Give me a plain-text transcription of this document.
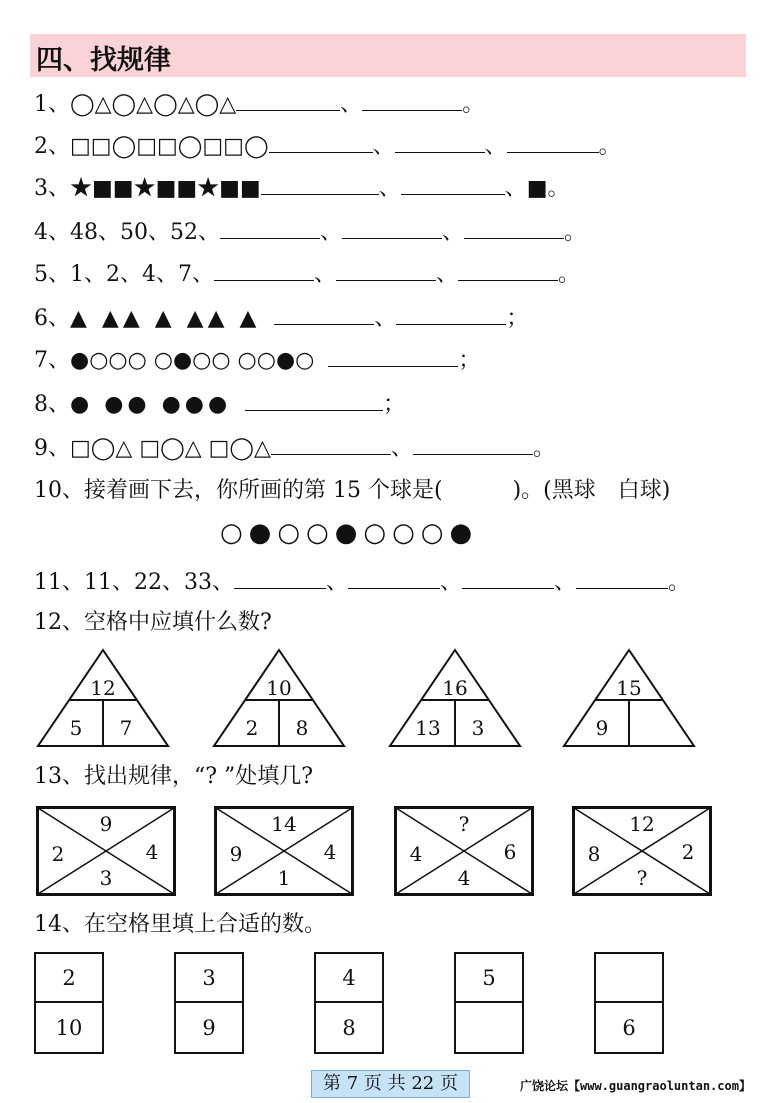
四、找规律
1、◯△◯△◯△◯△	、	。
2、□□◯□□◯□□◯	、	、	。
3、★■■★■■★■■	、	、■。
4、48、50、52、	、	、	。
5、1、2、4、7、	、	、	。
6、▲ ▲▲ ▲ ▲▲ ▲	、	；
7、●○○○ ○●○○ ○○●○	；
8、● ●● ●●●	；
9、□◯△ □◯△ □◯△	、	。
10、接着画下去，你所画的第 15 个球是(	)。(黑球　白球)
○●○○●○○○●
11、11、22、33、	、	、	、	。
12、空格中应填什么数?
12
5	7
10
2	8
16
13	3
15
9
13、找出规律，“? ”处填几?
9
2	4
3
14
9	4
1
?
4	6
4
12
8	2
?
14、在空格里填上合适的数。
2
10
3
9
4
8
5
6
第 7 页 共 22 页	广饶论坛【www.guangraoluntan.com】
